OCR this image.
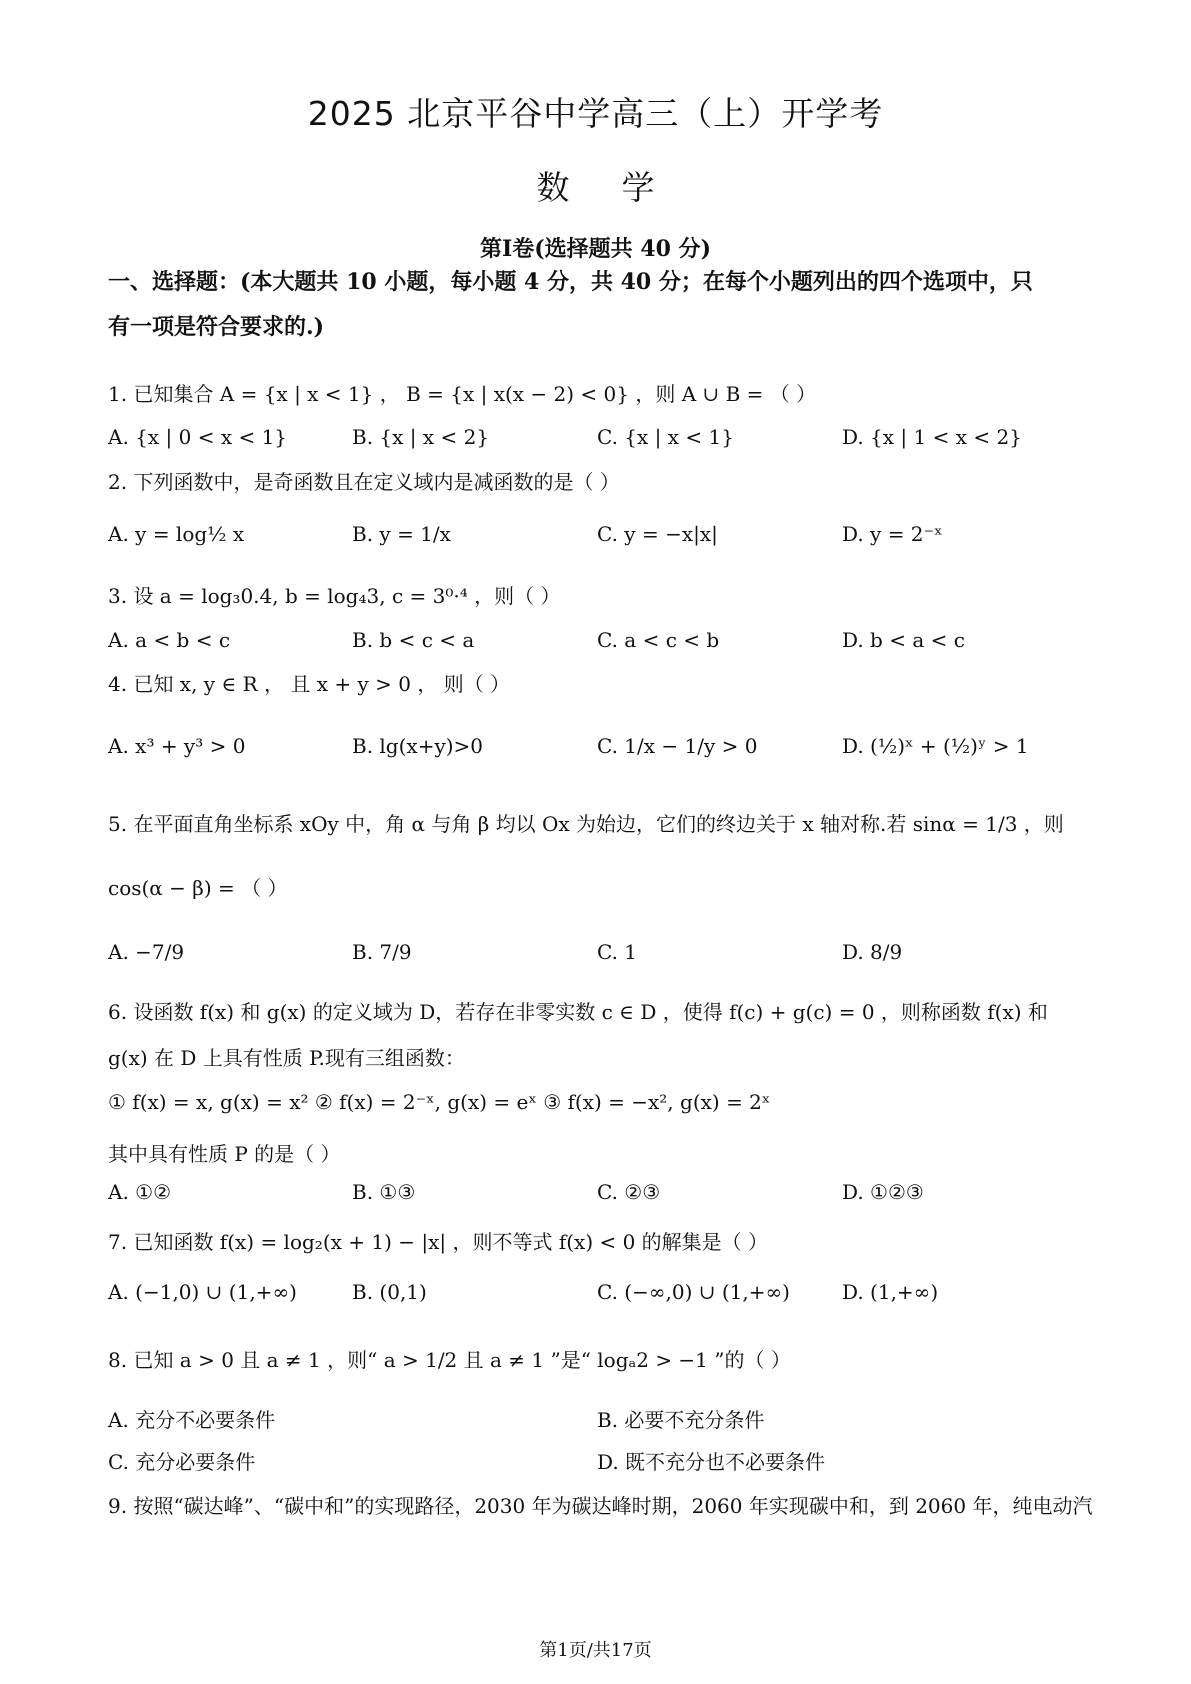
2025 北京平谷中学高三（上）开学考
数学
第Ⅰ卷(选择题共 40 分)
一、选择题：(本大题共 10 小题，每小题 4 分，共 40 分；在每个小题列出的四个选项中，只
有一项是符合要求的.)
1. 已知集合 A = {x | x < 1} ， B = {x | x(x − 2) < 0} ，则 A ∪ B = （ ）
A. {x | 0 < x < 1}	B. {x | x < 2}	C. {x | x < 1}	D. {x | 1 < x < 2}
2. 下列函数中，是奇函数且在定义域内是减函数的是（ ）
A. y = log½ x	B. y = 1/x	C. y = −x|x|	D. y = 2⁻ˣ
3. 设 a = log₃0.4, b = log₄3, c = 3⁰·⁴ ，则（ ）
A. a < b < c	B. b < c < a	C. a < c < b	D. b < a < c
4. 已知 x, y ∈ R ， 且 x + y > 0 ， 则（ ）
A. x³ + y³ > 0	B. lg(x+y)>0	C. 1/x − 1/y > 0	D. (½)ˣ + (½)ʸ > 1
5. 在平面直角坐标系 xOy 中，角 α 与角 β 均以 Ox 为始边，它们的终边关于 x 轴对称.若 sinα = 1/3 ，则
cos(α − β) = （ ）
A. −7/9	B. 7/9	C. 1	D. 8/9
6. 设函数 f(x) 和 g(x) 的定义域为 D，若存在非零实数 c ∈ D ，使得 f(c) + g(c) = 0 ，则称函数 f(x) 和
g(x) 在 D 上具有性质 P.现有三组函数：
① f(x) = x, g(x) = x² ② f(x) = 2⁻ˣ, g(x) = eˣ ③ f(x) = −x², g(x) = 2ˣ
其中具有性质 P 的是（ ）
A. ①②	B. ①③	C. ②③	D. ①②③
7. 已知函数 f(x) = log₂(x + 1) − |x| ，则不等式 f(x) < 0 的解集是（ ）
A. (−1,0) ∪ (1,+∞)	B. (0,1)	C. (−∞,0) ∪ (1,+∞)	D. (1,+∞)
8. 已知 a > 0 且 a ≠ 1 ，则“ a > 1/2 且 a ≠ 1 ”是“ logₐ2 > −1 ”的（ ）
A. 充分不必要条件	B. 必要不充分条件
C. 充分必要条件	D. 既不充分也不必要条件
9. 按照“碳达峰”、“碳中和”的实现路径，2030 年为碳达峰时期，2060 年实现碳中和，到 2060 年，纯电动汽
第1页/共17页
